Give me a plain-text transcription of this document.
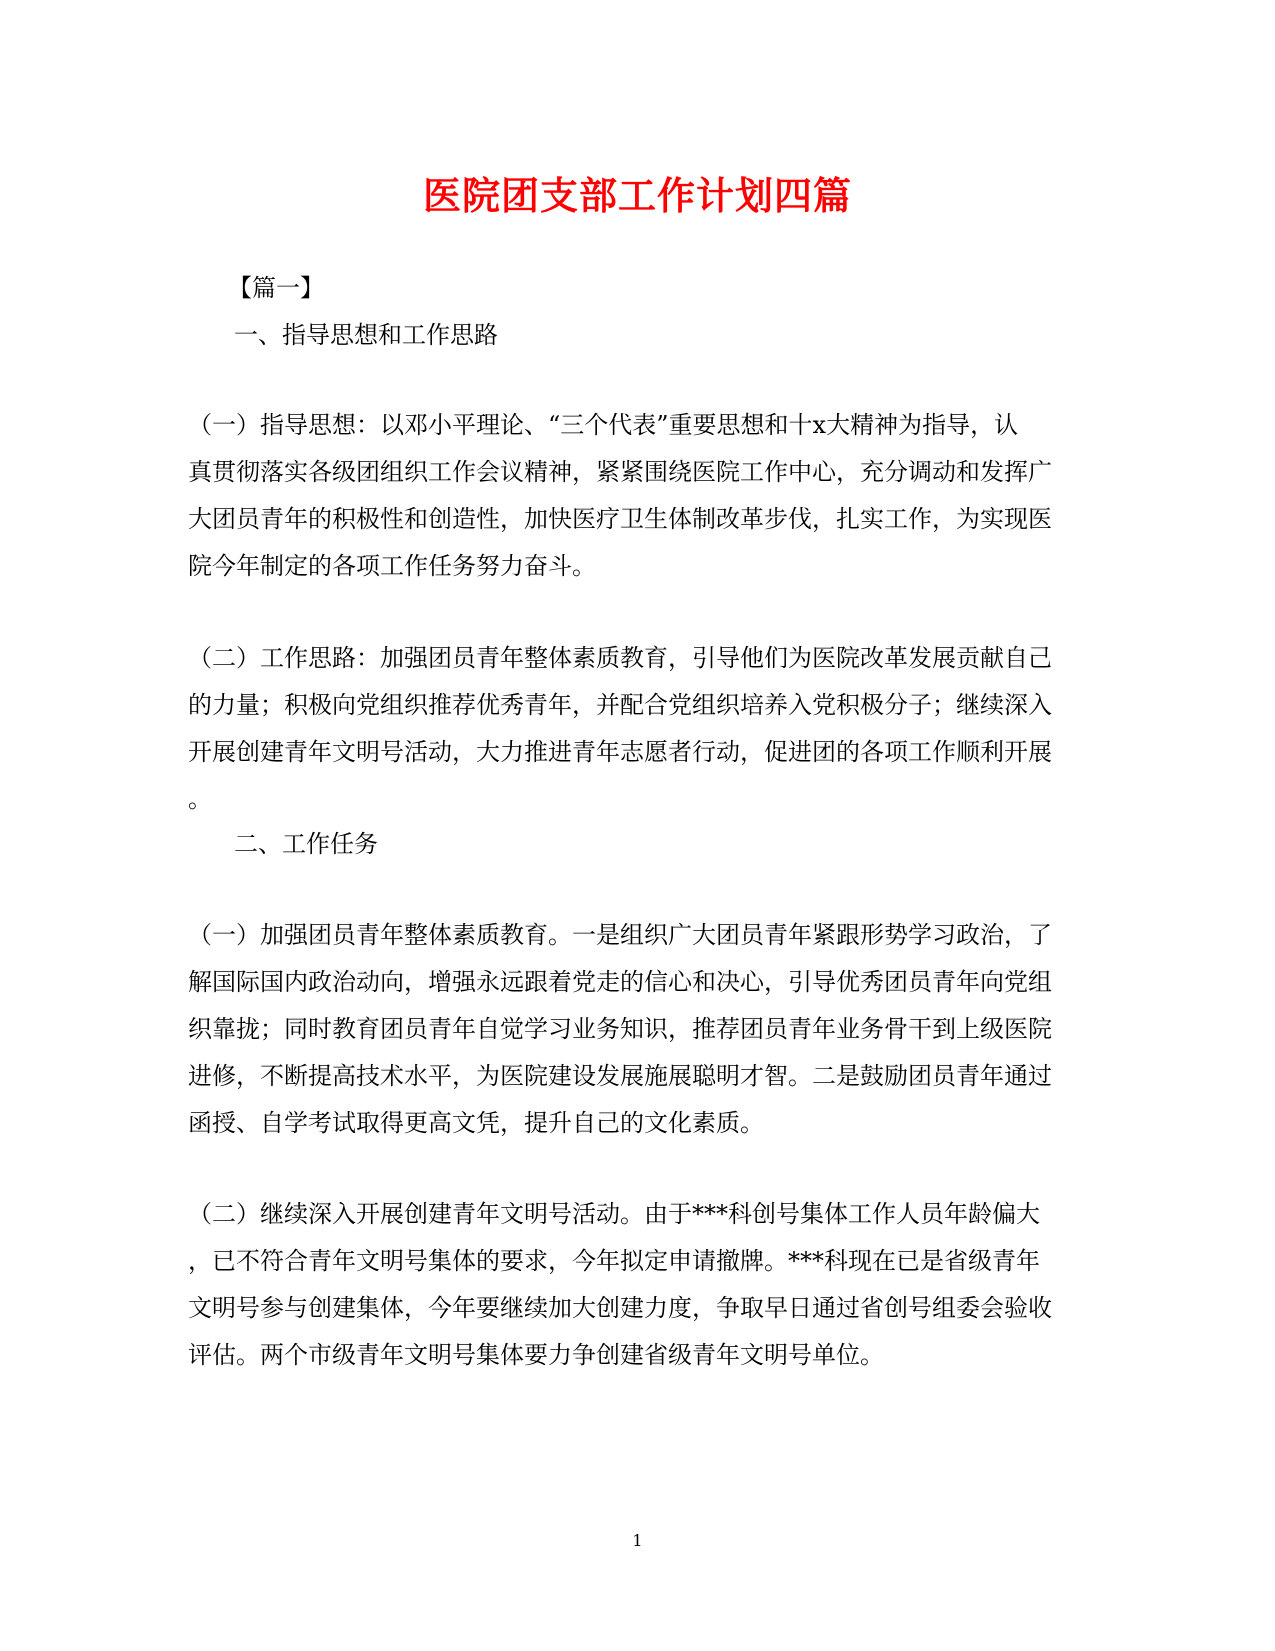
医院团支部工作计划四篇

【篇一】

一、指导思想和工作思路

（一）指导思想：以邓小平理论、“三个代表”重要思想和十x大精神为指导，认
真贯彻落实各级团组织工作会议精神，紧紧围绕医院工作中心，充分调动和发挥广
大团员青年的积极性和创造性，加快医疗卫生体制改革步伐，扎实工作，为实现医
院今年制定的各项工作任务努力奋斗。
（二）工作思路：加强团员青年整体素质教育，引导他们为医院改革发展贡献自己
的力量；积极向党组织推荐优秀青年，并配合党组织培养入党积极分子；继续深入
开展创建青年文明号活动，大力推进青年志愿者行动，促进团的各项工作顺利开展
。

二、工作任务

（一）加强团员青年整体素质教育。一是组织广大团员青年紧跟形势学习政治，了
解国际国内政治动向，增强永远跟着党走的信心和决心，引导优秀团员青年向党组
织靠拢；同时教育团员青年自觉学习业务知识，推荐团员青年业务骨干到上级医院
进修，不断提高技术水平，为医院建设发展施展聪明才智。二是鼓励团员青年通过
函授、自学考试取得更高文凭，提升自己的文化素质。
（二）继续深入开展创建青年文明号活动。由于***科创号集体工作人员年龄偏大
，已不符合青年文明号集体的要求，今年拟定申请撤牌。***科现在已是省级青年
文明号参与创建集体，今年要继续加大创建力度，争取早日通过省创号组委会验收
评估。两个市级青年文明号集体要力争创建省级青年文明号单位。

1
